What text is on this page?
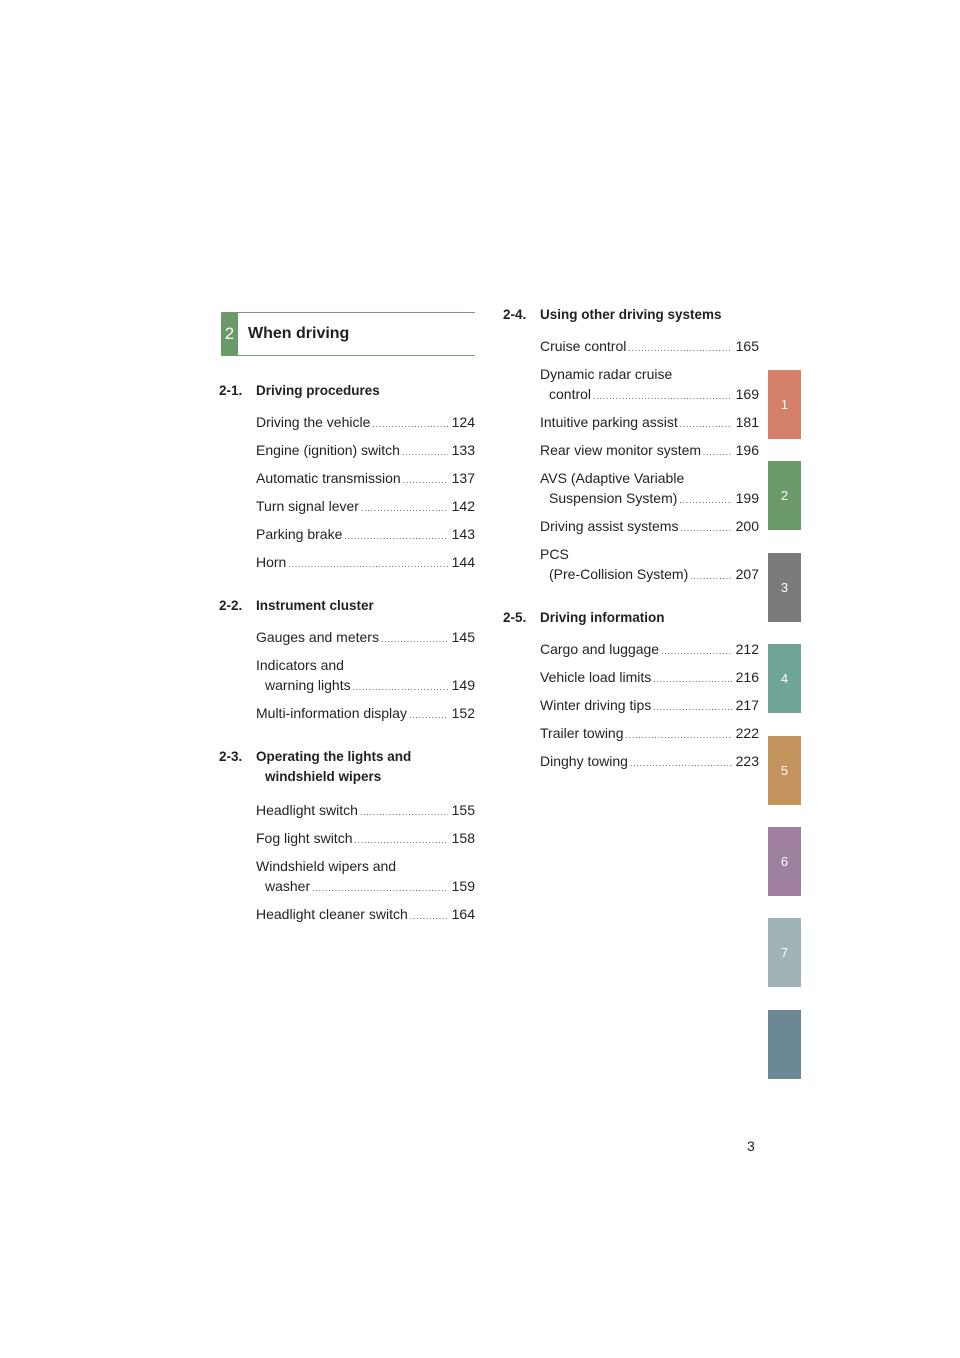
2 When driving
2-1. Driving procedures
Driving the vehicle .....	124
Engine (ignition) switch .....	133
Automatic transmission .....	137
Turn signal lever .....	142
Parking brake .....	143
Horn .....	144
2-2. Instrument cluster
Gauges and meters .....	145
Indicators and
warning lights .....	149
Multi-information display .....	152
2-3. Operating the lights and
windshield wipers
Headlight switch .....	155
Fog light switch .....	158
Windshield wipers and
washer .....	159
Headlight cleaner switch .....	164
2-4. Using other driving systems
Cruise control .....	165
Dynamic radar cruise
control .....	169
Intuitive parking assist .....	181
Rear view monitor system ..... 196
AVS (Adaptive Variable
Suspension System) .....	199
Driving assist systems .....	200
PCS
(Pre-Collision System) .....	207
2-5. Driving information
Cargo and luggage .....	212
Vehicle load limits .....	216
Winter driving tips .....	217
Trailer towing .....	222
Dinghy towing .....	223
1
2
3
4
5
6
7
3
